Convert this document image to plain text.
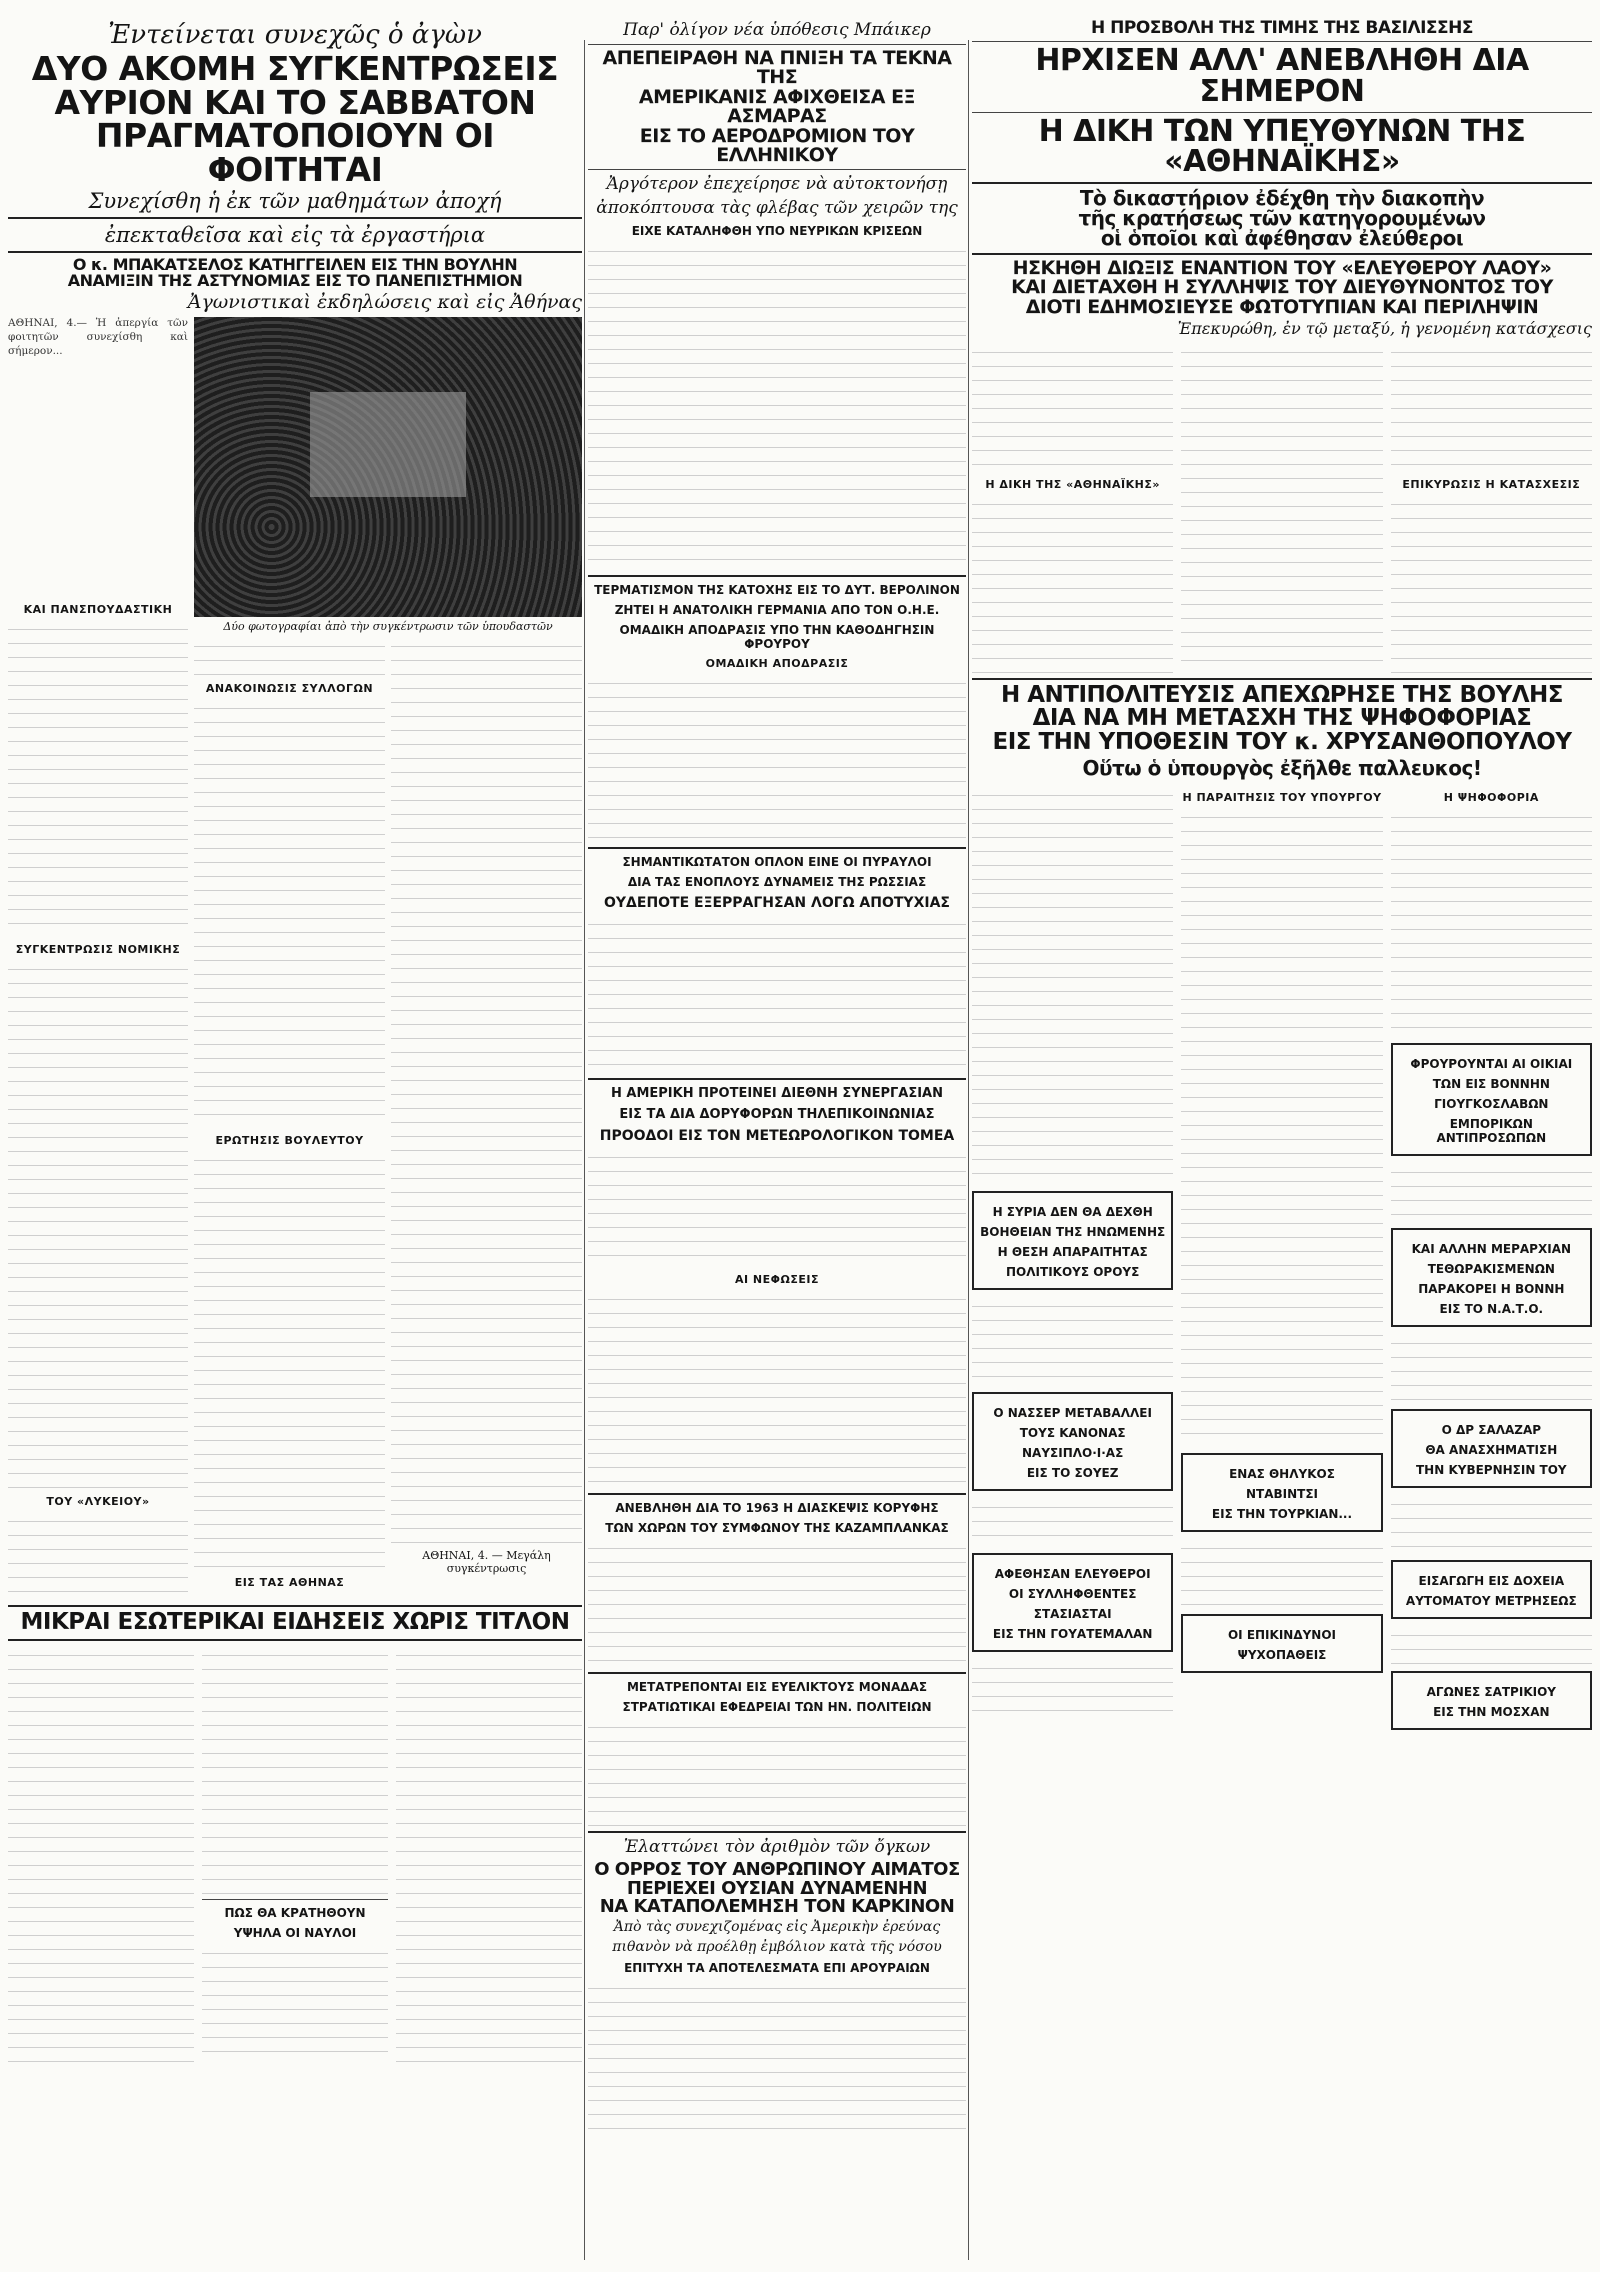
Ἐντείνεται συνεχῶς ὁ ἀγὼν
ΔΥΟ ΑΚΟΜΗ ΣΥΓΚΕΝΤΡΩΣΕΙΣ
ΑΥΡΙΟΝ ΚΑΙ ΤΟ ΣΑΒΒΑΤΟΝ
ΠΡΑΓΜΑΤΟΠΟΙΟΥΝ ΟΙ ΦΟΙΤΗΤΑΙ
Συνεχίσθη ἡ ἐκ τῶν μαθημάτων ἀποχή
ἐπεκταθεῖσα καὶ εἰς τὰ ἐργαστήρια
Ο κ. ΜΠΑΚΑΤΣΕΛΟΣ ΚΑΤΗΓΓΕΙΛΕΝ ΕΙΣ ΤΗΝ ΒΟΥΛΗΝ
ΑΝΑΜΙΞΙΝ ΤΗΣ ΑΣΤΥΝΟΜΙΑΣ ΕΙΣ ΤΟ ΠΑΝΕΠΙΣΤΗΜΙΟΝ
Ἀγωνιστικαὶ ἐκδηλώσεις καὶ εἰς Ἀθήνας
ΑΘΗΝΑΙ, 4.— Ἡ ἀπεργία τῶν φοιτητῶν συνεχίσθη καὶ σήμερον...
ΚΑΙ ΠΑΝΣΠΟΥΔΑΣΤΙΚΗ
ΣΥΓΚΕΝΤΡΩΣΙΣ ΝΟΜΙΚΗΣ
ΤΟΥ «ΛΥΚΕΙΟΥ»
Δύο φωτογραφίαι ἀπὸ τὴν συγκέντρωσιν τῶν ὑπουδαστῶν
ΑΝΑΚΟΙΝΩΣΙΣ ΣΥΛΛΟΓΩΝ
ΕΡΩΤΗΣΙΣ ΒΟΥΛΕΥΤΟΥ
ΕΙΣ ΤΑΣ ΑΘΗΝΑΣ
ΑΘΗΝΑΙ, 4. — Μεγάλη συγκέντρωσις
ΜΙΚΡΑΙ ΕΣΩΤΕΡΙΚΑΙ ΕΙΔΗΣΕΙΣ ΧΩΡΙΣ ΤΙΤΛΟΝ
ΠΩΣ ΘΑ ΚΡΑΤΗΘΟΥΝ
ΥΨΗΛΑ ΟΙ ΝΑΥΛΟΙ
Παρ' ὀλίγον νέα ὑπόθεσις Μπάικερ
ΑΠΕΠΕΙΡΑΘΗ ΝΑ ΠΝΙΞΗ ΤΑ ΤΕΚΝΑ ΤΗΣ
ΑΜΕΡΙΚΑΝΙΣ ΑΦΙΧΘΕΙΣΑ ΕΞ ΑΣΜΑΡΑΣ
ΕΙΣ ΤΟ ΑΕΡΟΔΡΟΜΙΟΝ ΤΟΥ ΕΛΛΗΝΙΚΟΥ
Ἀργότερον ἐπεχείρησε νὰ αὐτοκτονήσῃ
ἀποκόπτουσα τὰς φλέβας τῶν χειρῶν της
ΕΙΧΕ ΚΑΤΑΛΗΦΘΗ ΥΠΟ ΝΕΥΡΙΚΩΝ ΚΡΙΣΕΩΝ
ΤΕΡΜΑΤΙΣΜΟΝ ΤΗΣ ΚΑΤΟΧΗΣ ΕΙΣ ΤΟ ΔΥΤ. ΒΕΡΟΛΙΝΟΝ
ΖΗΤΕΙ Η ΑΝΑΤΟΛΙΚΗ ΓΕΡΜΑΝΙΑ ΑΠΟ ΤΟΝ Ο.Η.Ε.
ΟΜΑΔΙΚΗ ΑΠΟΔΡΑΣΙΣ ΥΠΟ ΤΗΝ ΚΑΘΟΔΗΓΗΣΙΝ ΦΡΟΥΡΟΥ
ΟΜΑΔΙΚΗ ΑΠΟΔΡΑΣΙΣ
ΣΗΜΑΝΤΙΚΩΤΑΤΟΝ ΟΠΛΟΝ ΕΙΝΕ ΟΙ ΠΥΡΑΥΛΟΙ
ΔΙΑ ΤΑΣ ΕΝΟΠΛΟΥΣ ΔΥΝΑΜΕΙΣ ΤΗΣ ΡΩΣΣΙΑΣ
ΟΥΔΕΠΟΤΕ ΕΞΕΡΡΑΓΗΣΑΝ ΛΟΓΩ ΑΠΟΤΥΧΙΑΣ
Η ΑΜΕΡΙΚΗ ΠΡΟΤΕΙΝΕΙ ΔΙΕΘΝΗ ΣΥΝΕΡΓΑΣΙΑΝ
ΕΙΣ ΤΑ ΔΙΑ ΔΟΡΥΦΟΡΩΝ ΤΗΛΕΠΙΚΟΙΝΩΝΙΑΣ
ΠΡΟΟΔΟΙ ΕΙΣ ΤΟΝ ΜΕΤΕΩΡΟΛΟΓΙΚΟΝ ΤΟΜΕΑ
ΑΙ ΝΕΦΩΣΕΙΣ
ΑΝΕΒΛΗΘΗ ΔΙΑ ΤΟ 1963 Η ΔΙΑΣΚΕΨΙΣ ΚΟΡΥΦΗΣ
ΤΩΝ ΧΩΡΩΝ ΤΟΥ ΣΥΜΦΩΝΟΥ ΤΗΣ ΚΑΖΑΜΠΛΑΝΚΑΣ
ΜΕΤΑΤΡΕΠΟΝΤΑΙ ΕΙΣ ΕΥΕΛΙΚΤΟΥΣ ΜΟΝΑΔΑΣ
ΣΤΡΑΤΙΩΤΙΚΑΙ ΕΦΕΔΡΕΙΑΙ ΤΩΝ ΗΝ. ΠΟΛΙΤΕΙΩΝ
Ἐλαττώνει τὸν ἀριθμὸν τῶν ὄγκων
Ο ΟΡΡΟΣ ΤΟΥ ΑΝΘΡΩΠΙΝΟΥ ΑΙΜΑΤΟΣ
ΠΕΡΙΕΧΕΙ ΟΥΣΙΑΝ ΔΥΝΑΜΕΝΗΝ
ΝΑ ΚΑΤΑΠΟΛΕΜΗΣΗ ΤΟΝ ΚΑΡΚΙΝΟΝ
Ἀπὸ τὰς συνεχιζομένας εἰς Ἀμερικὴν ἐρεύνας
πιθανὸν νὰ προέλθῃ ἐμβόλιον κατὰ τῆς νόσου
ΕΠΙΤΥΧΗ ΤΑ ΑΠΟΤΕΛΕΣΜΑΤΑ ΕΠΙ ΑΡΟΥΡΑΙΩΝ
Η ΠΡΟΣΒΟΛΗ ΤΗΣ ΤΙΜΗΣ ΤΗΣ ΒΑΣΙΛΙΣΣΗΣ
ΗΡΧΙΣΕΝ ΑΛΛ' ΑΝΕΒΛΗΘΗ ΔΙΑ ΣΗΜΕΡΟΝ
Η ΔΙΚΗ ΤΩΝ ΥΠΕΥΘΥΝΩΝ ΤΗΣ «ΑΘΗΝΑΪΚΗΣ»
Τὸ δικαστήριον ἐδέχθη τὴν διακοπὴν
τῆς κρατήσεως τῶν κατηγορουμένων
οἱ ὁποῖοι καὶ ἀφέθησαν ἐλεύθεροι
ΗΣΚΗΘΗ ΔΙΩΞΙΣ ΕΝΑΝΤΙΟΝ ΤΟΥ «ΕΛΕΥΘΕΡΟΥ ΛΑΟΥ»
ΚΑΙ ΔΙΕΤΑΧΘΗ Η ΣΥΛΛΗΨΙΣ ΤΟΥ ΔΙΕΥΘΥΝΟΝΤΟΣ ΤΟΥ
ΔΙΟΤΙ ΕΔΗΜΟΣΙΕΥΣΕ ΦΩΤΟΤΥΠΙΑΝ ΚΑΙ ΠΕΡΙΛΗΨΙΝ
Ἐπεκυρώθη, ἐν τῷ μεταξύ, ἡ γενομένη κατάσχεσις
Η ΔΙΚΗ ΤΗΣ «ΑΘΗΝΑΪΚΗΣ»	ΕΠΙΚΥΡΩΣΙΣ Η ΚΑΤΑΣΧΕΣΙΣ
Η ΑΝΤΙΠΟΛΙΤΕΥΣΙΣ ΑΠΕΧΩΡΗΣΕ ΤΗΣ ΒΟΥΛΗΣ
ΔΙΑ ΝΑ ΜΗ ΜΕΤΑΣΧΗ ΤΗΣ ΨΗΦΟΦΟΡΙΑΣ
ΕΙΣ ΤΗΝ ΥΠΟΘΕΣΙΝ ΤΟΥ κ. ΧΡΥΣΑΝΘΟΠΟΥΛΟΥ
Οὕτω ὁ ὑπουργὸς ἐξῆλθε παλλευκος!
Η ΣΥΡΙΑ ΔΕΝ ΘΑ ΔΕΧΘΗ
ΒΟΗΘΕΙΑΝ ΤΗΣ ΗΝΩΜΕΝΗΣ
Η ΘΕΣΗ ΑΠΑΡΑΙΤΗΤΑΣ
ΠΟΛΙΤΙΚΟΥΣ ΟΡΟΥΣ
Ο ΝΑΣΣΕΡ ΜΕΤΑΒΑΛΛΕΙ
ΤΟΥΣ ΚΑΝΟΝΑΣ
ΝΑΥΣΙΠΛΟ·Ι·ΑΣ
ΕΙΣ ΤΟ ΣΟΥΕΖ
ΑΦΕΘΗΣΑΝ ΕΛΕΥΘΕΡΟΙ
ΟΙ ΣΥΛΛΗΦΘΕΝΤΕΣ
ΣΤΑΣΙΑΣΤΑΙ
ΕΙΣ ΤΗΝ ΓΟΥΑΤΕΜΑΛΑΝ
Η ΠΑΡΑΙΤΗΣΙΣ ΤΟΥ ΥΠΟΥΡΓΟΥ
ΕΝΑΣ ΘΗΛΥΚΟΣ
ΝΤΑΒΙΝΤΣΙ
ΕΙΣ ΤΗΝ ΤΟΥΡΚΙΑΝ...
ΟΙ ΕΠΙΚΙΝΔΥΝΟΙ
ΨΥΧΟΠΑΘΕΙΣ
Η ΨΗΦΟΦΟΡΙΑ
ΦΡΟΥΡΟΥΝΤΑΙ ΑΙ ΟΙΚΙΑΙ
ΤΩΝ ΕΙΣ ΒΟΝΝΗΝ
ΓΙΟΥΓΚΟΣΛΑΒΩΝ
ΕΜΠΟΡΙΚΩΝ ΑΝΤΙΠΡΟΣΩΠΩΝ
ΚΑΙ ΑΛΛΗΝ ΜΕΡΑΡΧΙΑΝ
ΤΕΘΩΡΑΚΙΣΜΕΝΩΝ
ΠΑΡΑΚΟΡΕΙ Η ΒΟΝΝΗ
ΕΙΣ ΤΟ Ν.Α.Τ.Ο.
Ο ΔΡ ΣΑΛΑΖΑΡ
ΘΑ ΑΝΑΣΧΗΜΑΤΙΣΗ
ΤΗΝ ΚΥΒΕΡΝΗΣΙΝ ΤΟΥ
ΕΙΣΑΓΩΓΗ ΕΙΣ ΔΟΧΕΙΑ
ΑΥΤΟΜΑΤΟΥ ΜΕΤΡΗΣΕΩΣ
ΑΓΩΝΕΣ ΣΑΤΡΙΚΙΟΥ
ΕΙΣ ΤΗΝ ΜΟΣΧΑΝ
